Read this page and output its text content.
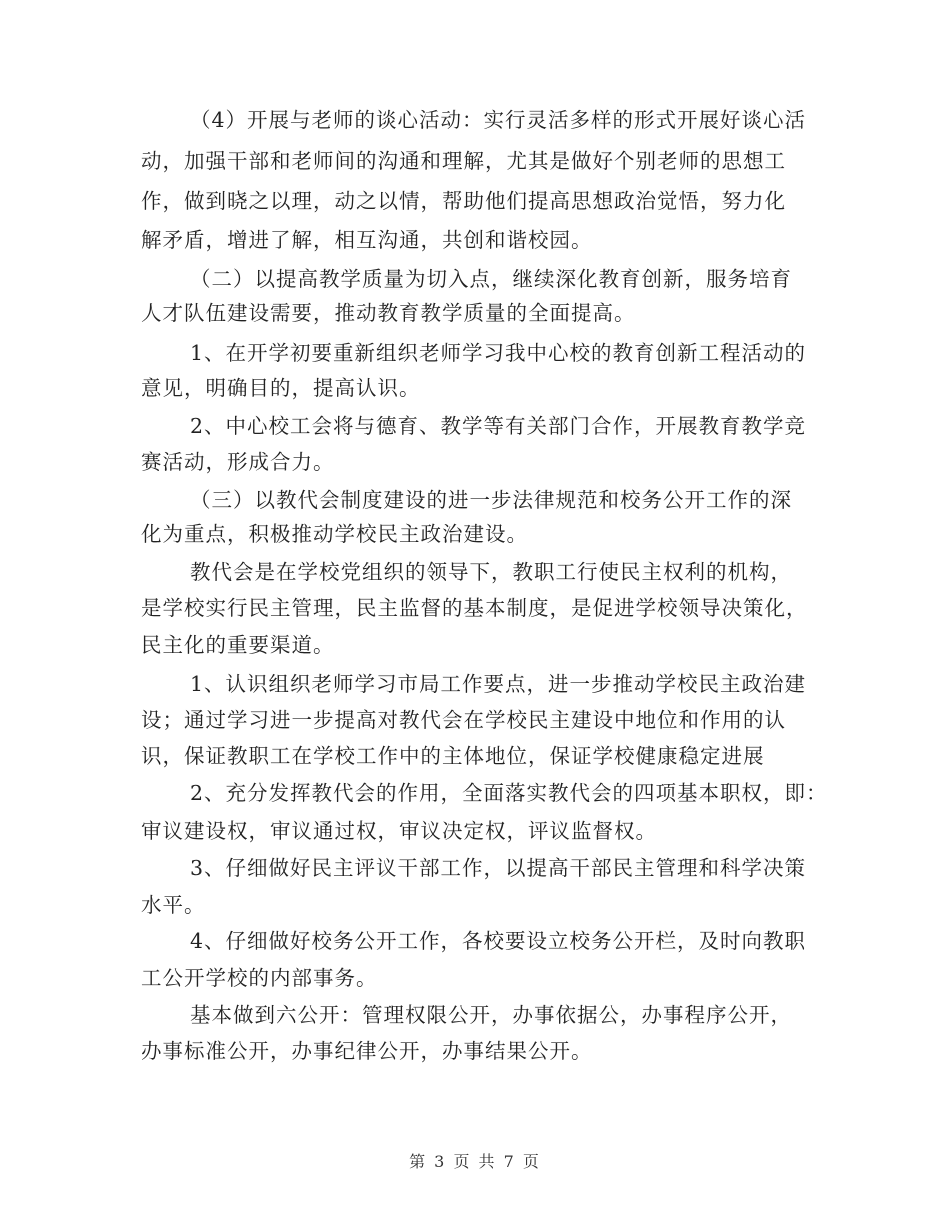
（4）开展与老师的谈心活动：实行灵活多样的形式开展好谈心活
动，加强干部和老师间的沟通和理解，尤其是做好个别老师的思想工
作，做到晓之以理，动之以情，帮助他们提高思想政治觉悟，努力化
解矛盾，增进了解，相互沟通，共创和谐校园。
（二）以提高教学质量为切入点，继续深化教育创新，服务培育
人才队伍建设需要，推动教育教学质量的全面提高。
1、在开学初要重新组织老师学习我中心校的教育创新工程活动的
意见，明确目的，提高认识。
2、中心校工会将与德育、教学等有关部门合作，开展教育教学竞
赛活动，形成合力。
（三）以教代会制度建设的进一步法律规范和校务公开工作的深
化为重点，积极推动学校民主政治建设。
教代会是在学校党组织的领导下，教职工行使民主权利的机构，
是学校实行民主管理，民主监督的基本制度，是促进学校领导决策化，
民主化的重要渠道。
1、认识组织老师学习市局工作要点，进一步推动学校民主政治建
设；通过学习进一步提高对教代会在学校民主建设中地位和作用的认
识，保证教职工在学校工作中的主体地位，保证学校健康稳定进展
2、充分发挥教代会的作用，全面落实教代会的四项基本职权，即：
审议建设权，审议通过权，审议决定权，评议监督权。
3、仔细做好民主评议干部工作，以提高干部民主管理和科学决策
水平。
4、仔细做好校务公开工作，各校要设立校务公开栏，及时向教职
工公开学校的内部事务。
基本做到六公开：管理权限公开，办事依据公，办事程序公开，
办事标准公开，办事纪律公开，办事结果公开。
第 3 页 共 7 页
